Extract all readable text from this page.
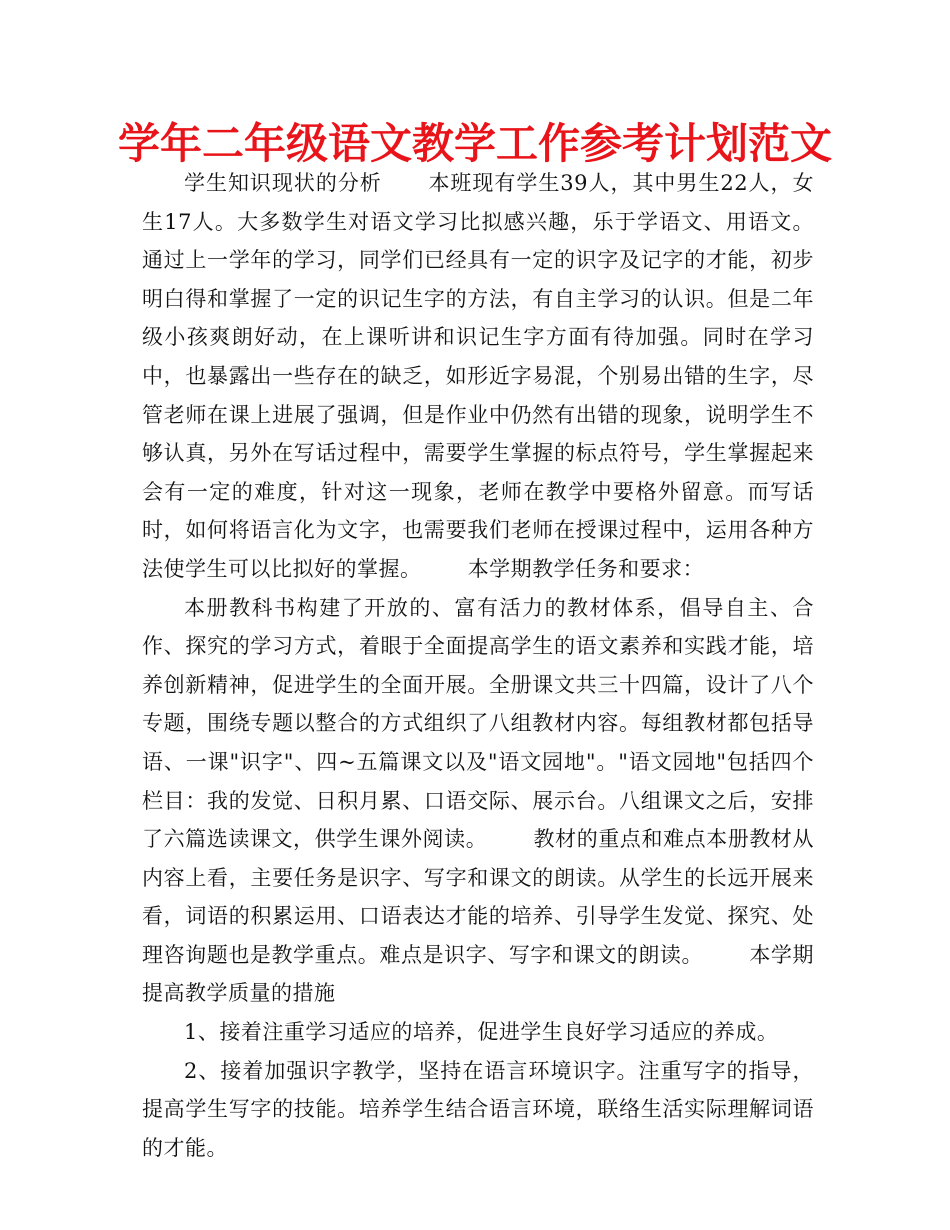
学年二年级语文教学工作参考计划范文

学生知识现状的分析 本班现有学生39人，其中男生22人，女生17人。大多数学生对语文学习比拟感兴趣，乐于学语文、用语文。通过上一学年的学习，同学们已经具有一定的识字及记字的才能，初步明白得和掌握了一定的识记生字的方法，有自主学习的认识。但是二年级小孩爽朗好动，在上课听讲和识记生字方面有待加强。同时在学习中，也暴露出一些存在的缺乏，如形近字易混，个别易出错的生字，尽管老师在课上进展了强调，但是作业中仍然有出错的现象，说明学生不够认真，另外在写话过程中，需要学生掌握的标点符号，学生掌握起来会有一定的难度，针对这一现象，老师在教学中要格外留意。而写话时，如何将语言化为文字，也需要我们老师在授课过程中，运用各种方法使学生可以比拟好的掌握。 本学期教学任务和要求：

本册教科书构建了开放的、富有活力的教材体系，倡导自主、合作、探究的学习方式，着眼于全面提高学生的语文素养和实践才能，培养创新精神，促进学生的全面开展。全册课文共三十四篇，设计了八个专题，围绕专题以整合的方式组织了八组教材内容。每组教材都包括导语、一课"识字"、四~五篇课文以及"语文园地"。"语文园地"包括四个栏目：我的发觉、日积月累、口语交际、展示台。八组课文之后，安排了六篇选读课文，供学生课外阅读。 教材的重点和难点本册教材从内容上看，主要任务是识字、写字和课文的朗读。从学生的长远开展来看，词语的积累运用、口语表达才能的培养、引导学生发觉、探究、处理咨询题也是教学重点。难点是识字、写字和课文的朗读。 本学期提高教学质量的措施

1、接着注重学习适应的培养，促进学生良好学习适应的养成。

2、接着加强识字教学，坚持在语言环境识字。注重写字的指导，提高学生写字的技能。培养学生结合语言环境，联络生活实际理解词语的才能。
